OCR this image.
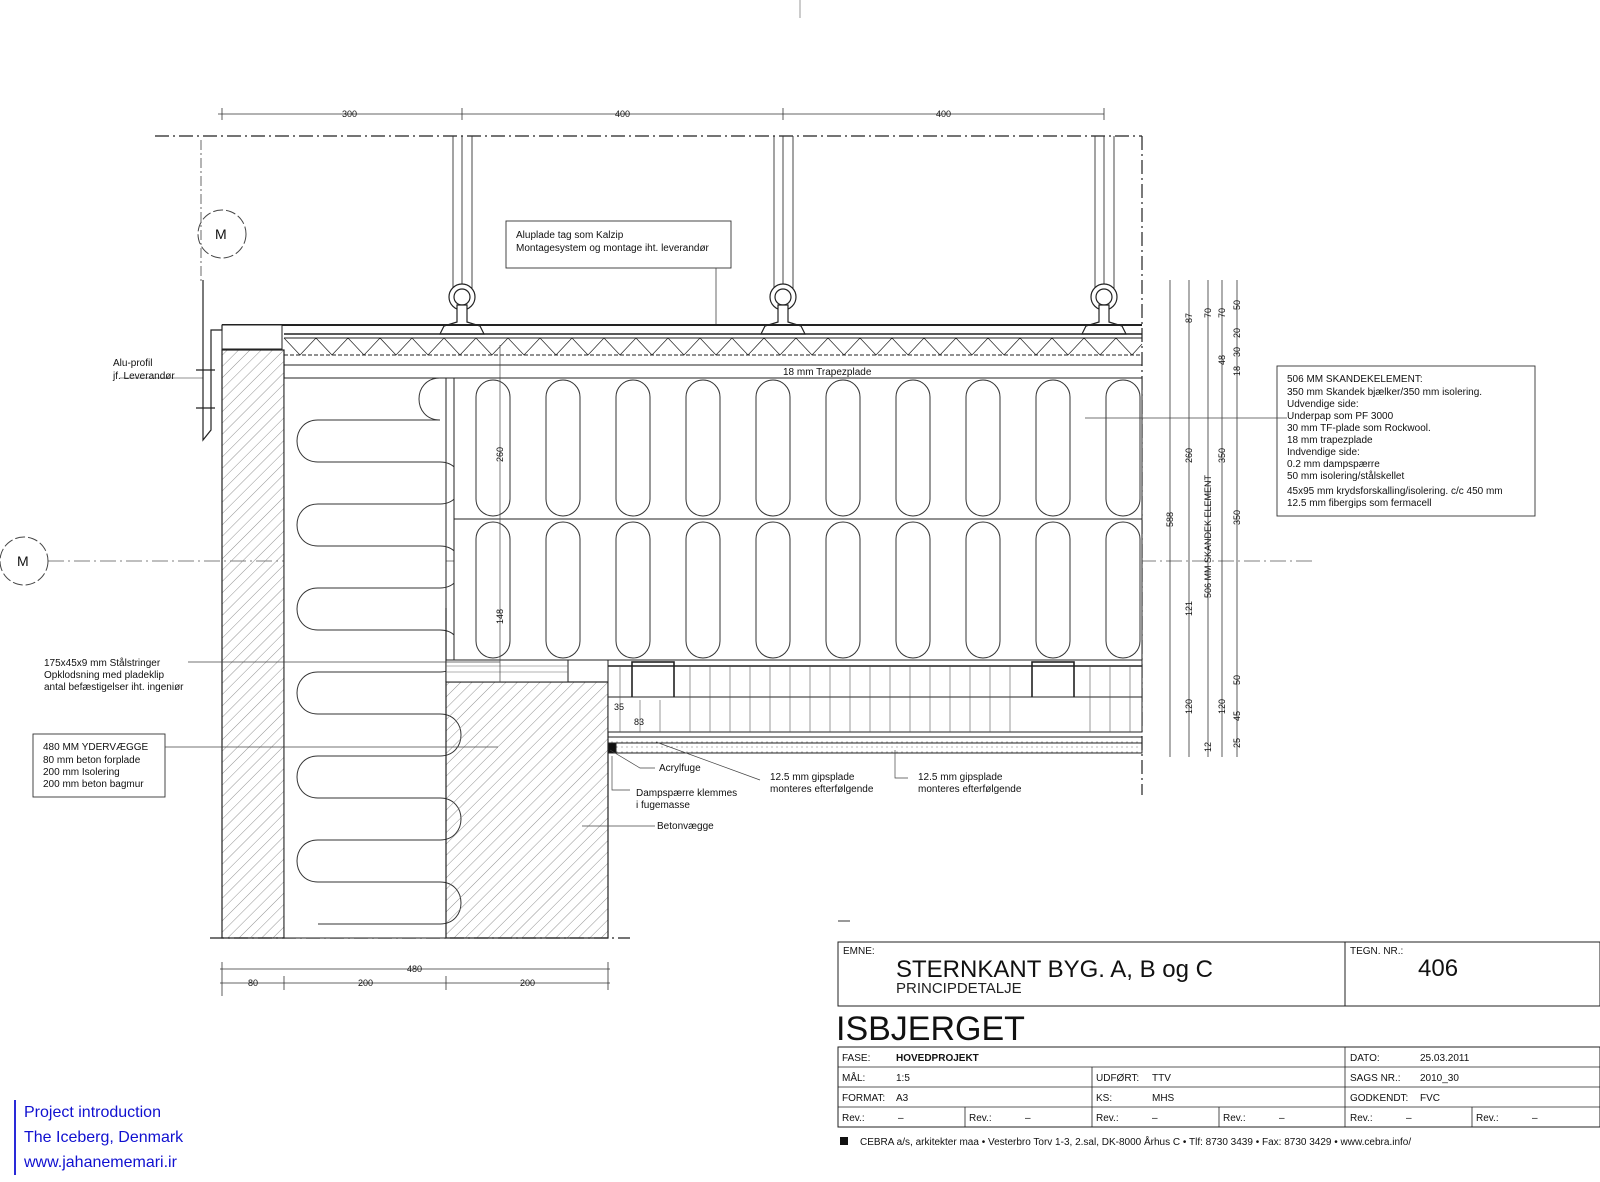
300	400	400
M
M
Aluplade tag som Kalzip
Montagesystem og montage iht. leverandør
18 mm Trapezplade
Alu-profil
jf. Leverandør
35
83
260
148
588
87
260
121
120
506 MM SKANDEK ELEMENT
70 70
48
350
120
50
20
30
18
350
50
45
25
12
506 MM SKANDEKELEMENT:
350 mm Skandek bjælker/350 mm isolering.
Udvendige side:
Underpap som PF 3000
30 mm TF-plade som Rockwool.
18 mm trapezplade
Indvendige side:
0.2 mm dampspærre
50 mm isolering/stålskellet
45x95 mm krydsforskalling/isolering. c/c 450 mm
12.5 mm fibergips som fermacell
175x45x9 mm Stålstringer
Opklodsning med pladeklip
antal befæstigelser iht. ingeniør
480 MM YDERVÆGGE
80 mm beton forplade
200 mm Isolering
200 mm beton bagmur
Acrylfuge
12.5 mm gipsplade
monteres efterfølgende
12.5 mm gipsplade
monteres efterfølgende
Dampspærre klemmes
i fugemasse
Betonvægge
480
80	200	200
EMNE:
STERNKANT BYG. A, B og C
PRINCIPDETALJE
TEGN. NR.:
406
ISBJERGET
FASE:	HOVEDPROJEKT	DATO:	25.03.2011
MÅL:	1:5	UDFØRT: TTV	SAGS NR.: 2010_30
FORMAT: A3	KS:	MHS	GODKENDT: FVC
Rev.:	–	Rev.:	–	Rev.:	–	Rev.:	–	Rev.:	–	Rev.:	–
CEBRA a/s, arkitekter maa • Vesterbro Torv 1-3, 2.sal, DK-8000 Århus C • Tlf: 8730 3439 • Fax: 8730 3429 • www.cebra.info/
Project introduction
The Iceberg, Denmark
www.jahanememari.ir
